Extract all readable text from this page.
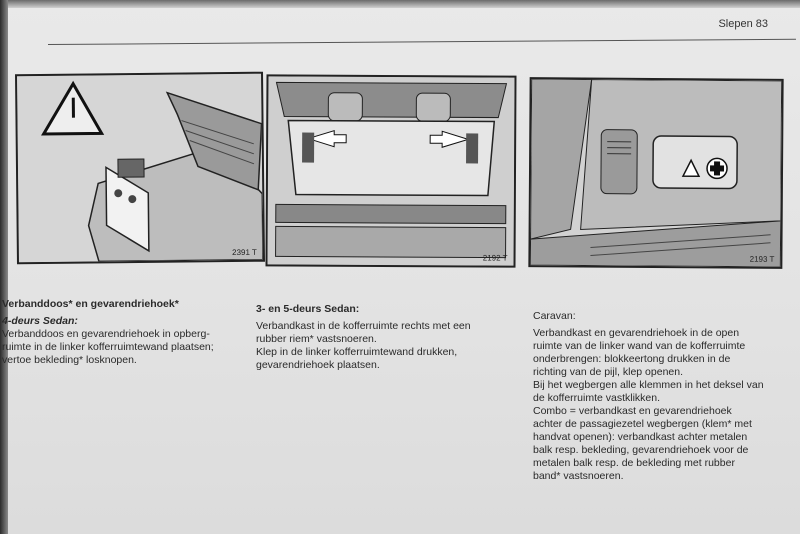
Slepen 83
2391 T
2192 T	2193 T
Verbanddoos* en gevarendriehoek*

4-deurs Sedan:

Verbanddoos en gevarendriehoek in opberg-

ruimte in de linker kofferruimtewand plaatsen;

vertoe bekleding* losknopen.

3- en 5-deurs Sedan:

Verbandkast in de kofferruimte rechts met een

rubber riem* vastsnoeren.

Klep in de linker kofferruimtewand drukken,

gevarendriehoek plaatsen.

Caravan:

Verbandkast en gevarendriehoek in de open

ruimte van de linker wand van de kofferruimte

onderbrengen: blokkeertong drukken in de

richting van de pijl, klep openen.

Bij het wegbergen alle klemmen in het deksel van

de kofferruimte vastklikken.

Combo = verbandkast en gevarendriehoek

achter de passagiezetel wegbergen (klem* met

handvat openen): verbandkast achter metalen

balk resp. bekleding, gevarendriehoek voor de

metalen balk resp. de bekleding met rubber

band* vastsnoeren.
